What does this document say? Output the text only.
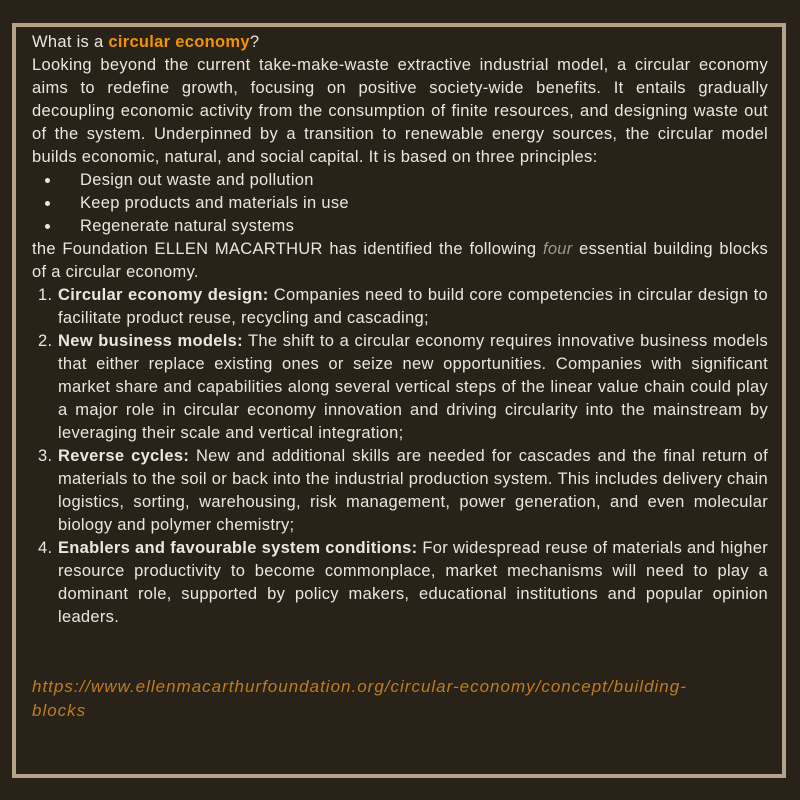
What is a circular economy?

Looking beyond the current take-make-waste extractive industrial model, a circular economy aims to redefine growth, focusing on positive society-wide benefits. It entails gradually decoupling economic activity from the consumption of finite resources, and designing waste out of the system. Underpinned by a transition to renewable energy sources, the circular model builds economic, natural, and social capital. It is based on three principles:

Design out waste and pollution
Keep products and materials in use
Regenerate natural systems

the Foundation ELLEN MACARTHUR has identified the following four essential building blocks of a circular economy.

1. Circular economy design: Companies need to build core competencies in circular design to facilitate product reuse, recycling and cascading;
2. New business models: The shift to a circular economy requires innovative business models that either replace existing ones or seize new opportunities. Companies with significant market share and capabilities along several vertical steps of the linear value chain could play a major role in circular economy innovation and driving circularity into the mainstream by leveraging their scale and vertical integration;
3. Reverse cycles: New and additional skills are needed for cascades and the final return of materials to the soil or back into the industrial production system. This includes delivery chain logistics, sorting, warehousing, risk management, power generation, and even molecular biology and polymer chemistry;
4. Enablers and favourable system conditions: For widespread reuse of materials and higher resource productivity to become commonplace, market mechanisms will need to play a dominant role, supported by policy makers, educational institutions and popular opinion leaders.
https://www.ellenmacarthurfoundation.org/circular-economy/concept/building-blocks
